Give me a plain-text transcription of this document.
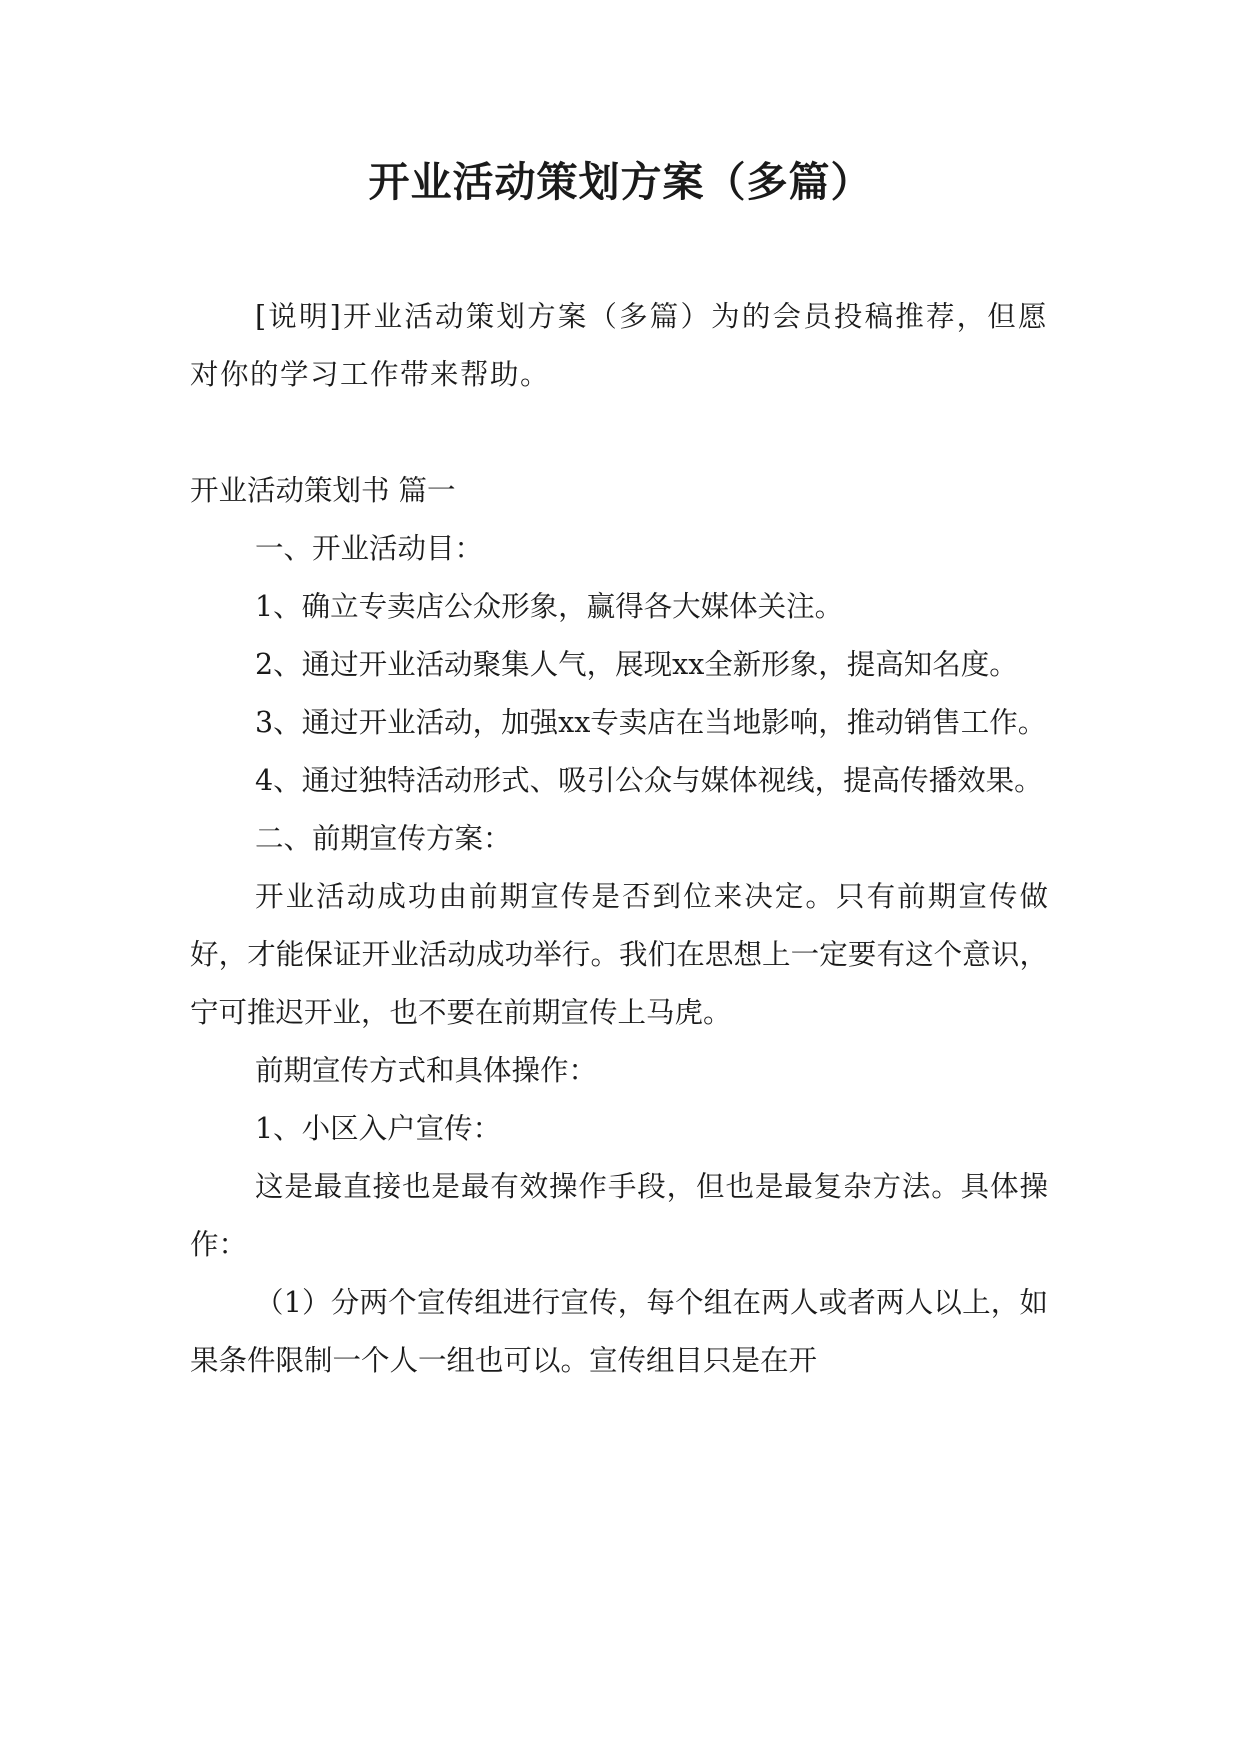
开业活动策划方案（多篇）

[说明]开业活动策划方案（多篇）为的会员投稿推荐，但愿对你的学习工作带来帮助。

开业活动策划书 篇一

一、开业活动目：

1、确立专卖店公众形象，赢得各大媒体关注。

2、通过开业活动聚集人气，展现xx全新形象，提高知名度。

3、通过开业活动，加强xx专卖店在当地影响，推动销售工作。

4、通过独特活动形式、吸引公众与媒体视线，提高传播效果。

二、前期宣传方案：

开业活动成功由前期宣传是否到位来决定。只有前期宣传做好，才能保证开业活动成功举行。我们在思想上一定要有这个意识，宁可推迟开业，也不要在前期宣传上马虎。

前期宣传方式和具体操作：

1、小区入户宣传：

这是最直接也是最有效操作手段，但也是最复杂方法。具体操作：

（1）分两个宣传组进行宣传，每个组在两人或者两人以上，如果条件限制一个人一组也可以。宣传组目只是在开
